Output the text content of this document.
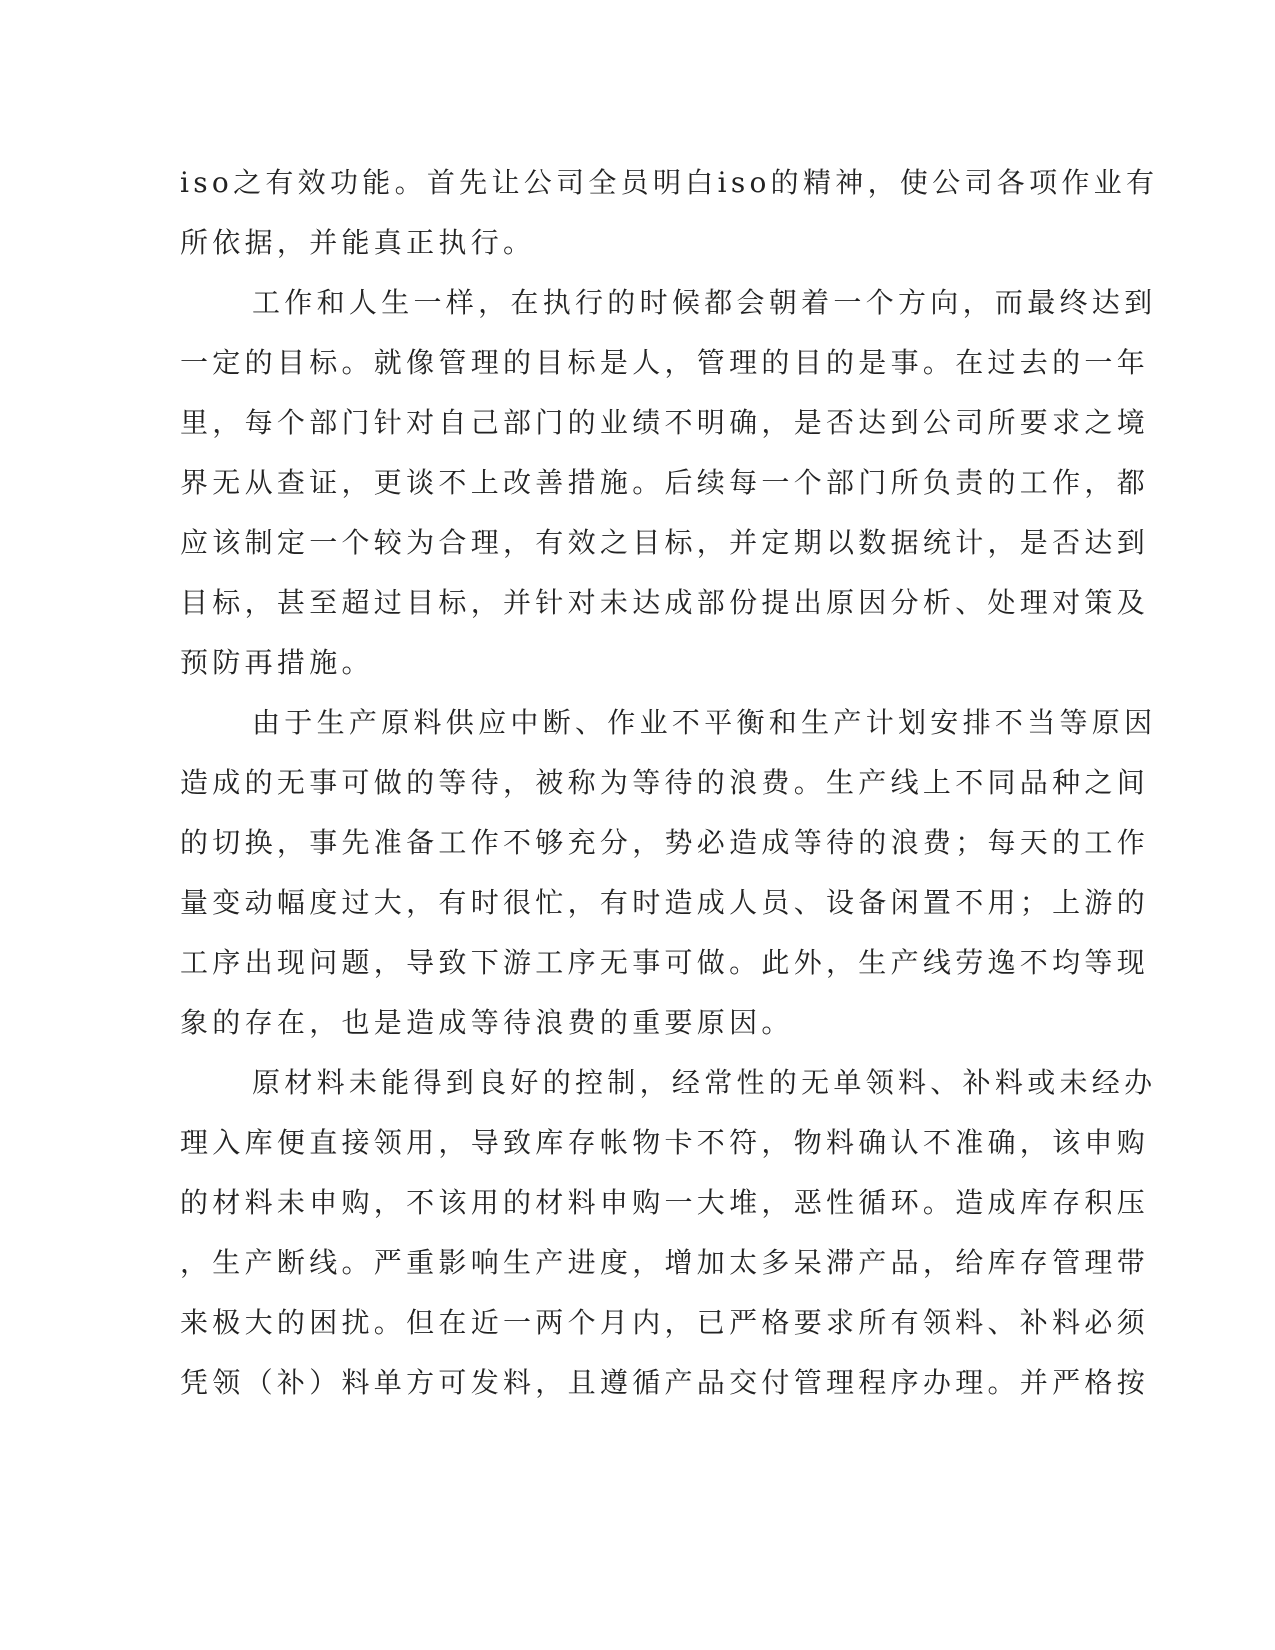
iso之有效功能。首先让公司全员明白iso的精神，使公司各项作业有
所依据，并能真正执行。
工作和人生一样，在执行的时候都会朝着一个方向，而最终达到
一定的目标。就像管理的目标是人，管理的目的是事。在过去的一年
里，每个部门针对自己部门的业绩不明确，是否达到公司所要求之境
界无从查证，更谈不上改善措施。后续每一个部门所负责的工作，都
应该制定一个较为合理，有效之目标，并定期以数据统计，是否达到
目标，甚至超过目标，并针对未达成部份提出原因分析、处理对策及
预防再措施。
由于生产原料供应中断、作业不平衡和生产计划安排不当等原因
造成的无事可做的等待，被称为等待的浪费。生产线上不同品种之间
的切换，事先准备工作不够充分，势必造成等待的浪费；每天的工作
量变动幅度过大，有时很忙，有时造成人员、设备闲置不用；上游的
工序出现问题，导致下游工序无事可做。此外，生产线劳逸不均等现
象的存在，也是造成等待浪费的重要原因。
原材料未能得到良好的控制，经常性的无单领料、补料或未经办
理入库便直接领用，导致库存帐物卡不符，物料确认不准确，该申购
的材料未申购，不该用的材料申购一大堆，恶性循环。造成库存积压
，生产断线。严重影响生产进度，增加太多呆滞产品，给库存管理带
来极大的困扰。但在近一两个月内，已严格要求所有领料、补料必须
凭领（补）料单方可发料，且遵循产品交付管理程序办理。并严格按
